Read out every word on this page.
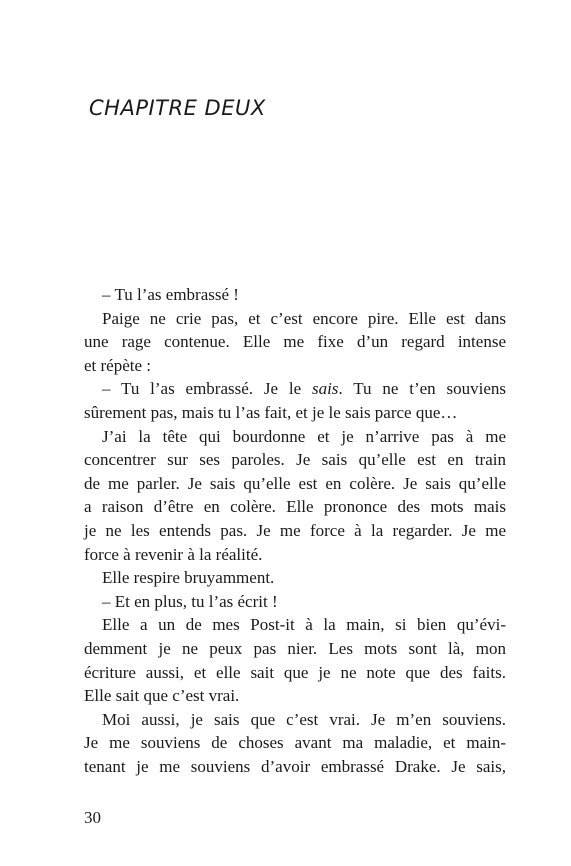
CHAPITRE DEUX
– Tu l’as embrassé !
Paige ne crie pas, et c’est encore pire. Elle est dans
une rage contenue. Elle me fixe d’un regard intense
et répète :
– Tu l’as embrassé. Je le sais. Tu ne t’en souviens
sûrement pas, mais tu l’as fait, et je le sais parce que…
J’ai la tête qui bourdonne et je n’arrive pas à me
concentrer sur ses paroles. Je sais qu’elle est en train
de me parler. Je sais qu’elle est en colère. Je sais qu’elle
a raison d’être en colère. Elle prononce des mots mais
je ne les entends pas. Je me force à la regarder. Je me
force à revenir à la réalité.
Elle respire bruyamment.
– Et en plus, tu l’as écrit !
Elle a un de mes Post-it à la main, si bien qu’évi-
demment je ne peux pas nier. Les mots sont là, mon
écriture aussi, et elle sait que je ne note que des faits.
Elle sait que c’est vrai.
Moi aussi, je sais que c’est vrai. Je m’en souviens.
Je me souviens de choses avant ma maladie, et main-
tenant je me souviens d’avoir embrassé Drake. Je sais,
30
